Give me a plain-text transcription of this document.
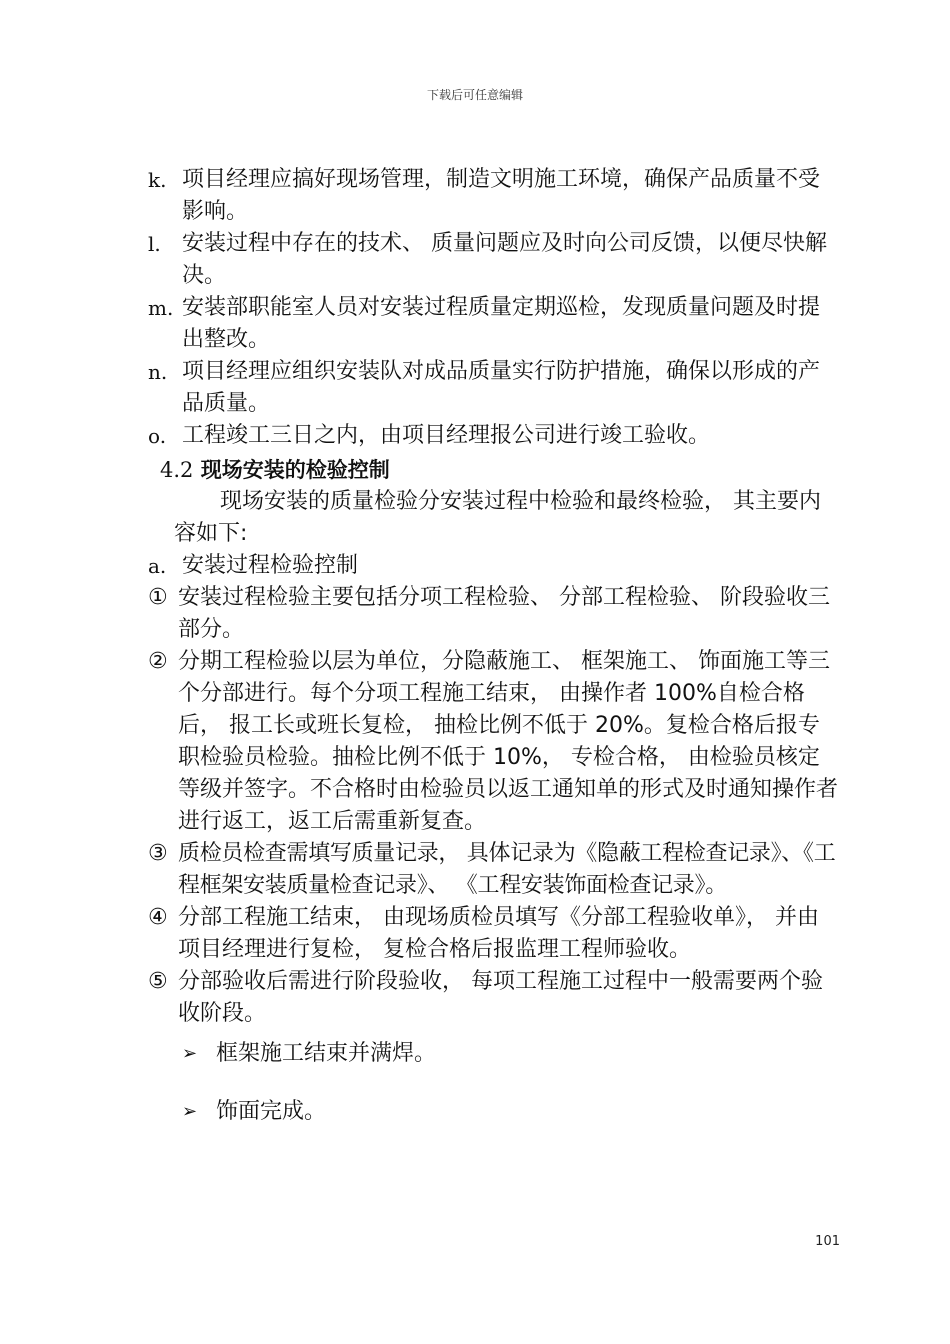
下载后可任意编辑
k. 项目经理应搞好现场管理，制造文明施工环境，确保产品质量不受影响。
l. 安装过程中存在的技术、 质量问题应及时向公司反馈，以便尽快解决。
m. 安装部职能室人员对安装过程质量定期巡检，发现质量问题及时提出整改。
n. 项目经理应组织安装队对成品质量实行防护措施，确保以形成的产品质量。
o. 工程竣工三日之内，由项目经理报公司进行竣工验收。
4.2 现场安装的检验控制
现场安装的质量检验分安装过程中检验和最终检验， 其主要内容如下:
a. 安装过程检验控制
① 安装过程检验主要包括分项工程检验、 分部工程检验、 阶段验收三部分。
② 分期工程检验以层为单位，分隐蔽施工、 框架施工、 饰面施工等三个分部进行。每个分项工程施工结束， 由操作者 100%自检合格后， 报工长或班长复检， 抽检比例不低于 20%。复检合格后报专职检验员检验。抽检比例不低于 10%， 专检合格， 由检验员核定等级并签字。不合格时由检验员以返工通知单的形式及时通知操作者进行返工，返工后需重新复查。
③ 质检员检查需填写质量记录， 具体记录为《隐蔽工程检查记录》、《工程框架安装质量检查记录》、 《工程安装饰面检查记录》。
④ 分部工程施工结束， 由现场质检员填写《分部工程验收单》， 并由项目经理进行复检， 复检合格后报监理工程师验收。
⑤ 分部验收后需进行阶段验收， 每项工程施工过程中一般需要两个验收阶段。
➢ 框架施工结束并满焊。
➢ 饰面完成。
101
